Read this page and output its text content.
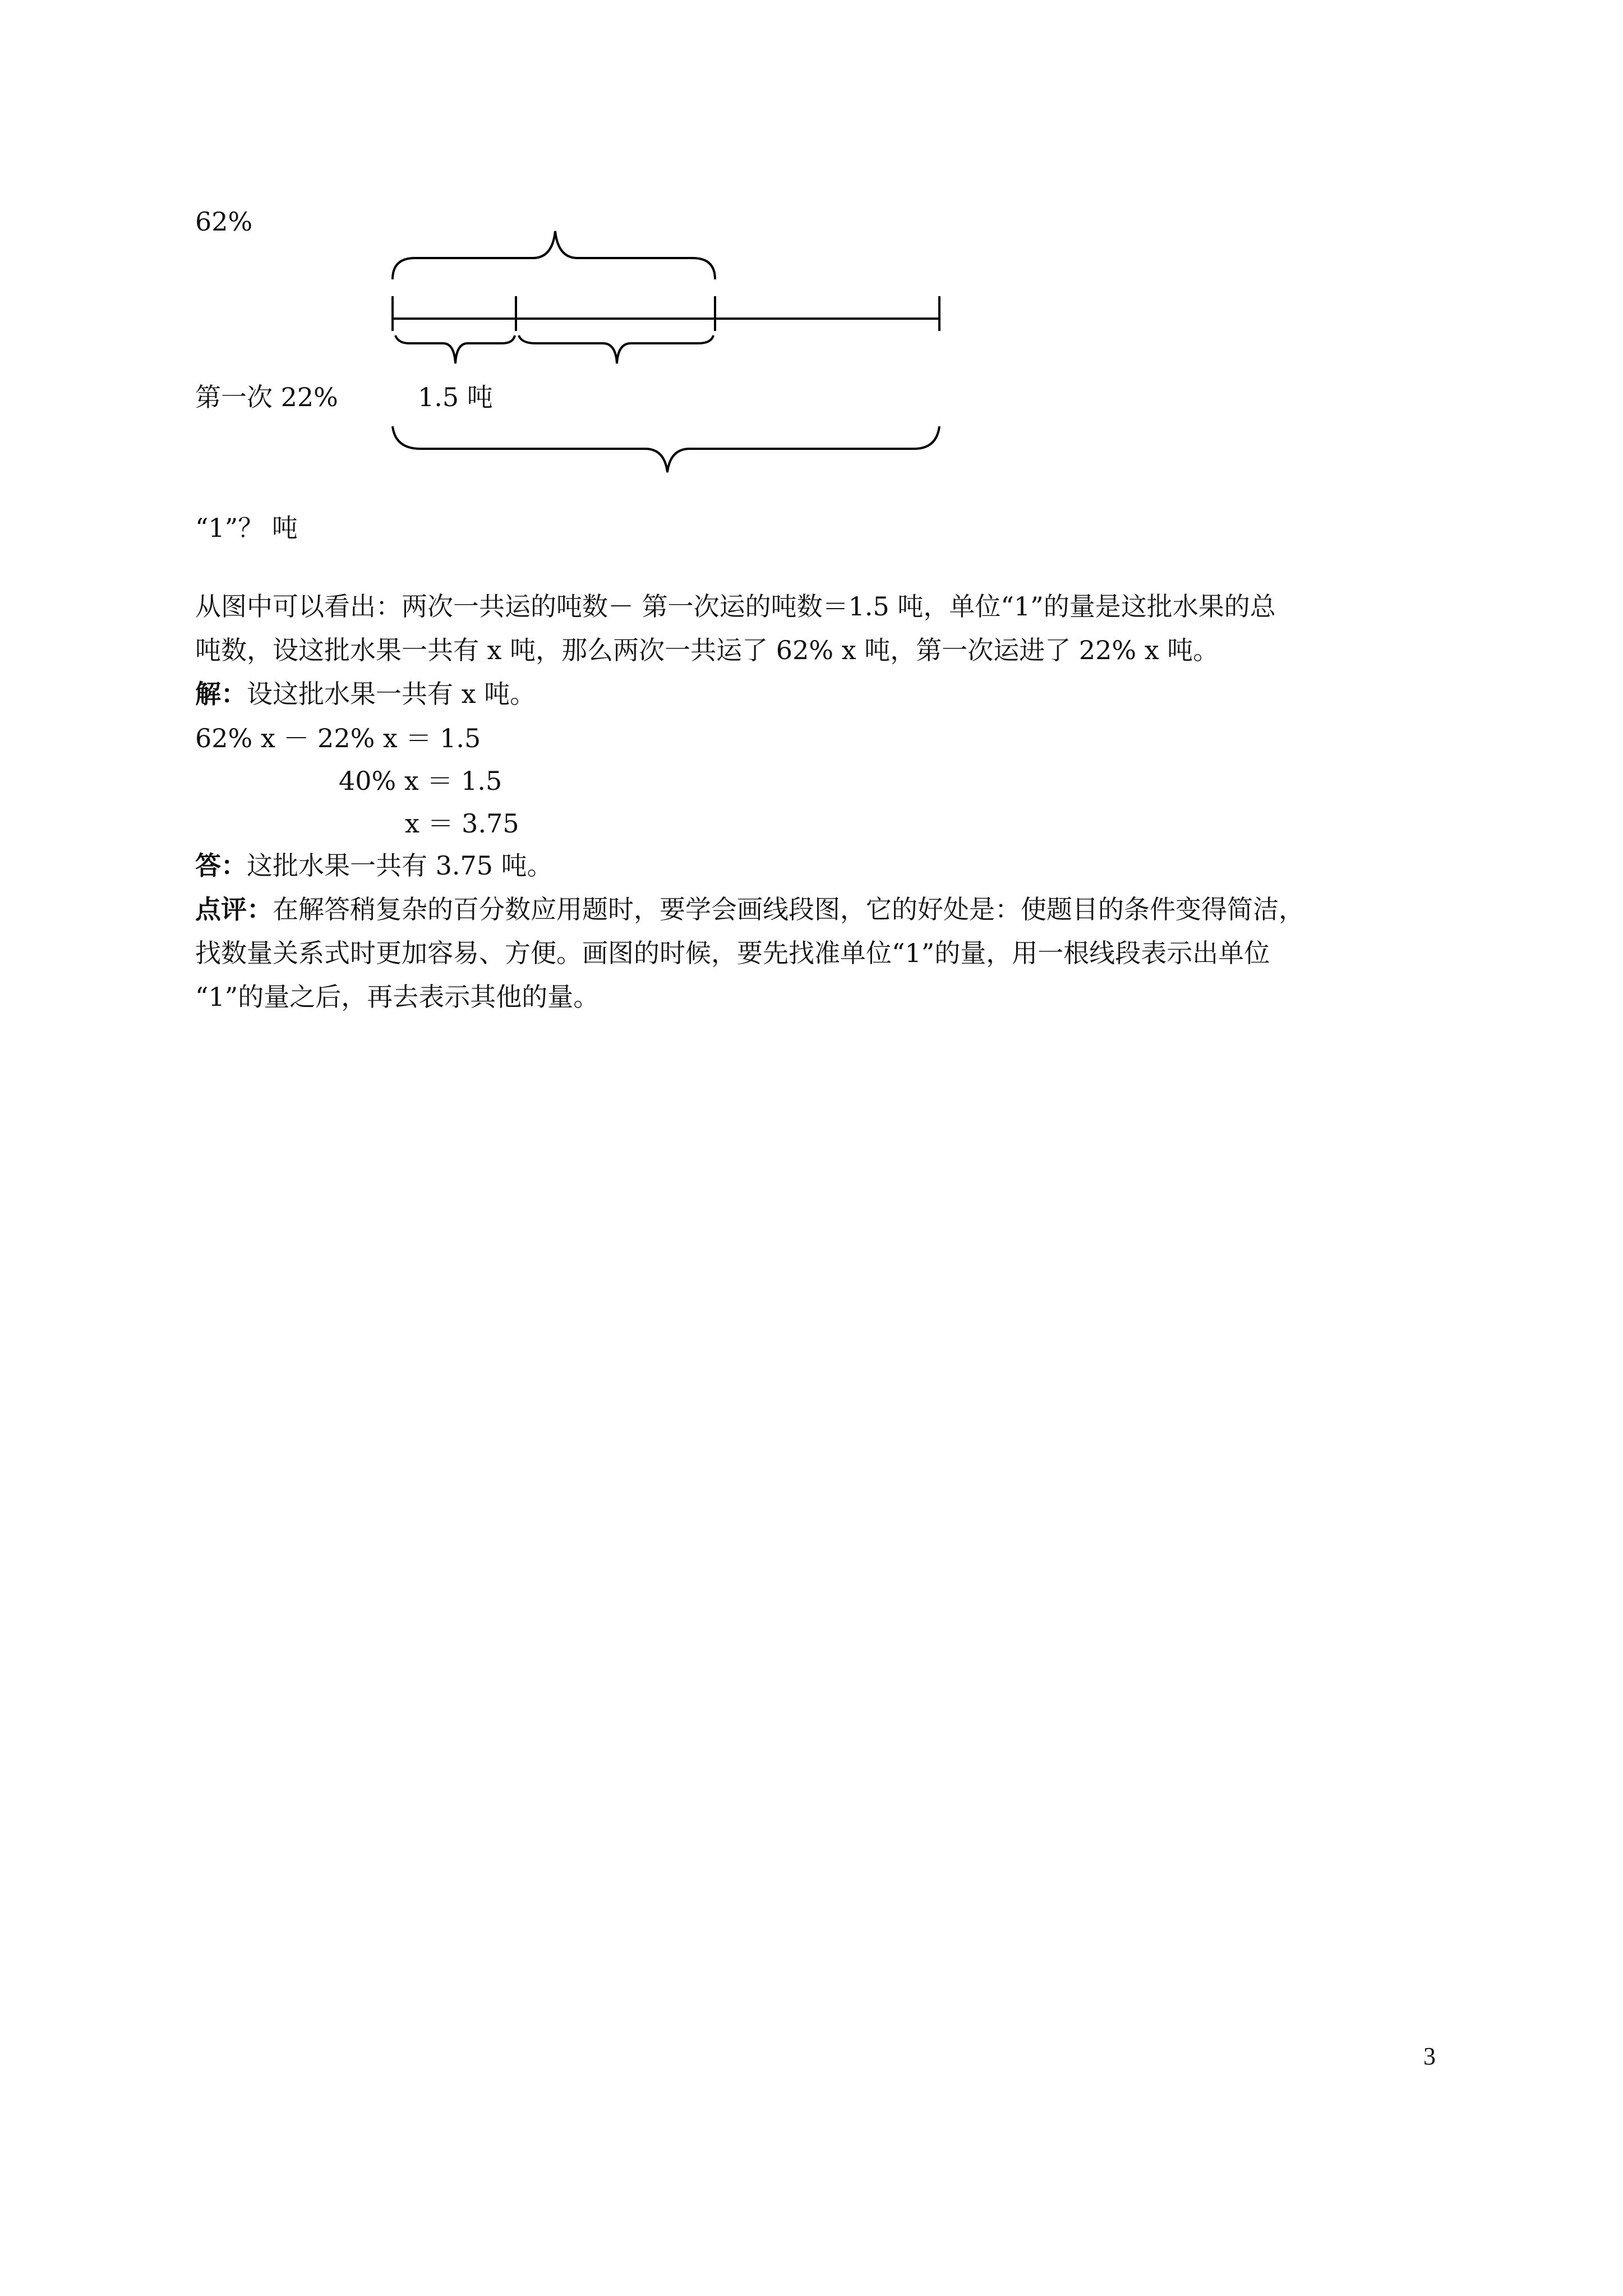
62%
第一次 22%	1.5 吨
“1”？ 吨
从图中可以看出：两次一共运的吨数－ 第一次运的吨数＝1.5 吨，单位“1”的量是这批水果的总
吨数，设这批水果一共有 x 吨，那么两次一共运了 62% x 吨，第一次运进了 22% x 吨。
解：设这批水果一共有 x 吨。
62% x － 22% x ＝ 1.5
40% x ＝ 1.5
x ＝ 3.75
答：这批水果一共有 3.75 吨。
点评：在解答稍复杂的百分数应用题时，要学会画线段图，它的好处是：使题目的条件变得简洁，
找数量关系式时更加容易、方便。画图的时候，要先找准单位“1”的量，用一根线段表示出单位
“1”的量之后，再去表示其他的量。
3
